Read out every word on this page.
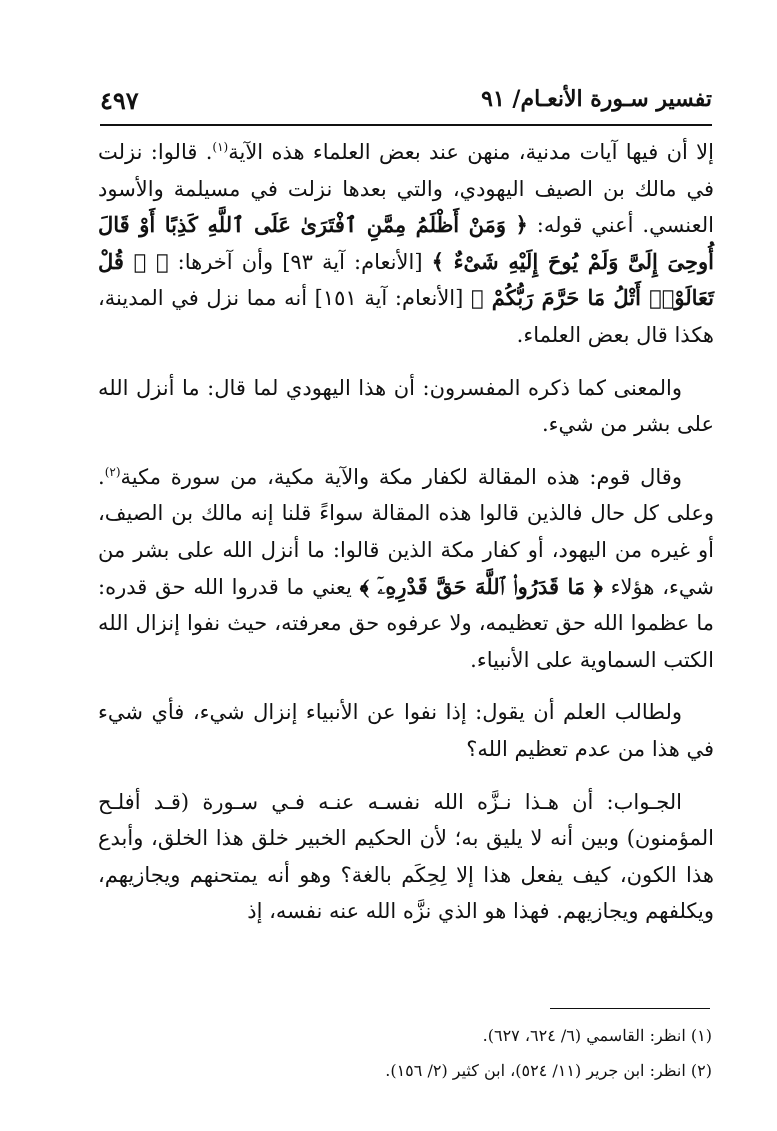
تفسير سـورة الأنعـام/ ٩١
٤٩٧

إلا أن فيها آيات مدنية، منهن عند بعض العلماء هذه الآية$^{(١)}$. قالوا: نزلت في مالك بن الصيف اليهودي، والتي بعدها نزلت في مسيلمة والأسود العنسي. أعني قوله: ﴿ وَمَنْ أَظْلَمُ مِمَّنِ ٱفْتَرَىٰ عَلَى ٱللَّهِ كَذِبًا أَوْ قَالَ أُوحِىَ إِلَىَّ وَلَمْ يُوحَ إِلَيْهِ شَىْءٌ ﴾ [الأنعام: آية ٩٣] وأن آخرها: ﴿ ۞ قُلْ تَعَالَوْا۟ أَتْلُ مَا حَرَّمَ رَبُّكُمْ ﴾ [الأنعام: آية ١٥١] أنه مما نزل في المدينة، هكذا قال بعض العلماء.

والمعنى كما ذكره المفسرون: أن هذا اليهودي لما قال: ما أنزل الله على بشر من شيء.

وقال قوم: هذه المقالة لكفار مكة والآية مكية، من سورة مكية$^{(٢)}$. وعلى كل حال فالذين قالوا هذه المقالة سواءً قلنا إنه مالك بن الصيف، أو غيره من اليهود، أو كفار مكة الذين قالوا: ما أنزل الله على بشر من شيء، هؤلاء ﴿ مَا قَدَرُوا۟ ٱللَّهَ حَقَّ قَدْرِهِۦٓ ﴾ يعني ما قدروا الله حق قدره: ما عظموا الله حق تعظيمه، ولا عرفوه حق معرفته، حيث نفوا إنزال الله الكتب السماوية على الأنبياء.

ولطالب العلم أن يقول: إذا نفوا عن الأنبياء إنزال شيء، فأي شيء في هذا من عدم تعظيم الله؟

الجـواب: أن هـذا نـزَّه الله نفسـه عنـه فـي سـورة (قـد أفلـح المؤمنون) وبين أنه لا يليق به؛ لأن الحكيم الخبير خلق هذا الخلق، وأبدع هذا الكون، كيف يفعل هذا إلا لِحِكَم بالغة؟ وهو أنه يمتحنهم ويجازيهم، ويكلفهم ويجازيهم. فهذا هو الذي نزَّه الله عنه نفسه، إذ

(١) انظر: القاسمي (٦/ ٦٢٤، ٦٢٧).
(٢) انظر: ابن جرير (١١/ ٥٢٤)، ابن كثير (٢/ ١٥٦).
